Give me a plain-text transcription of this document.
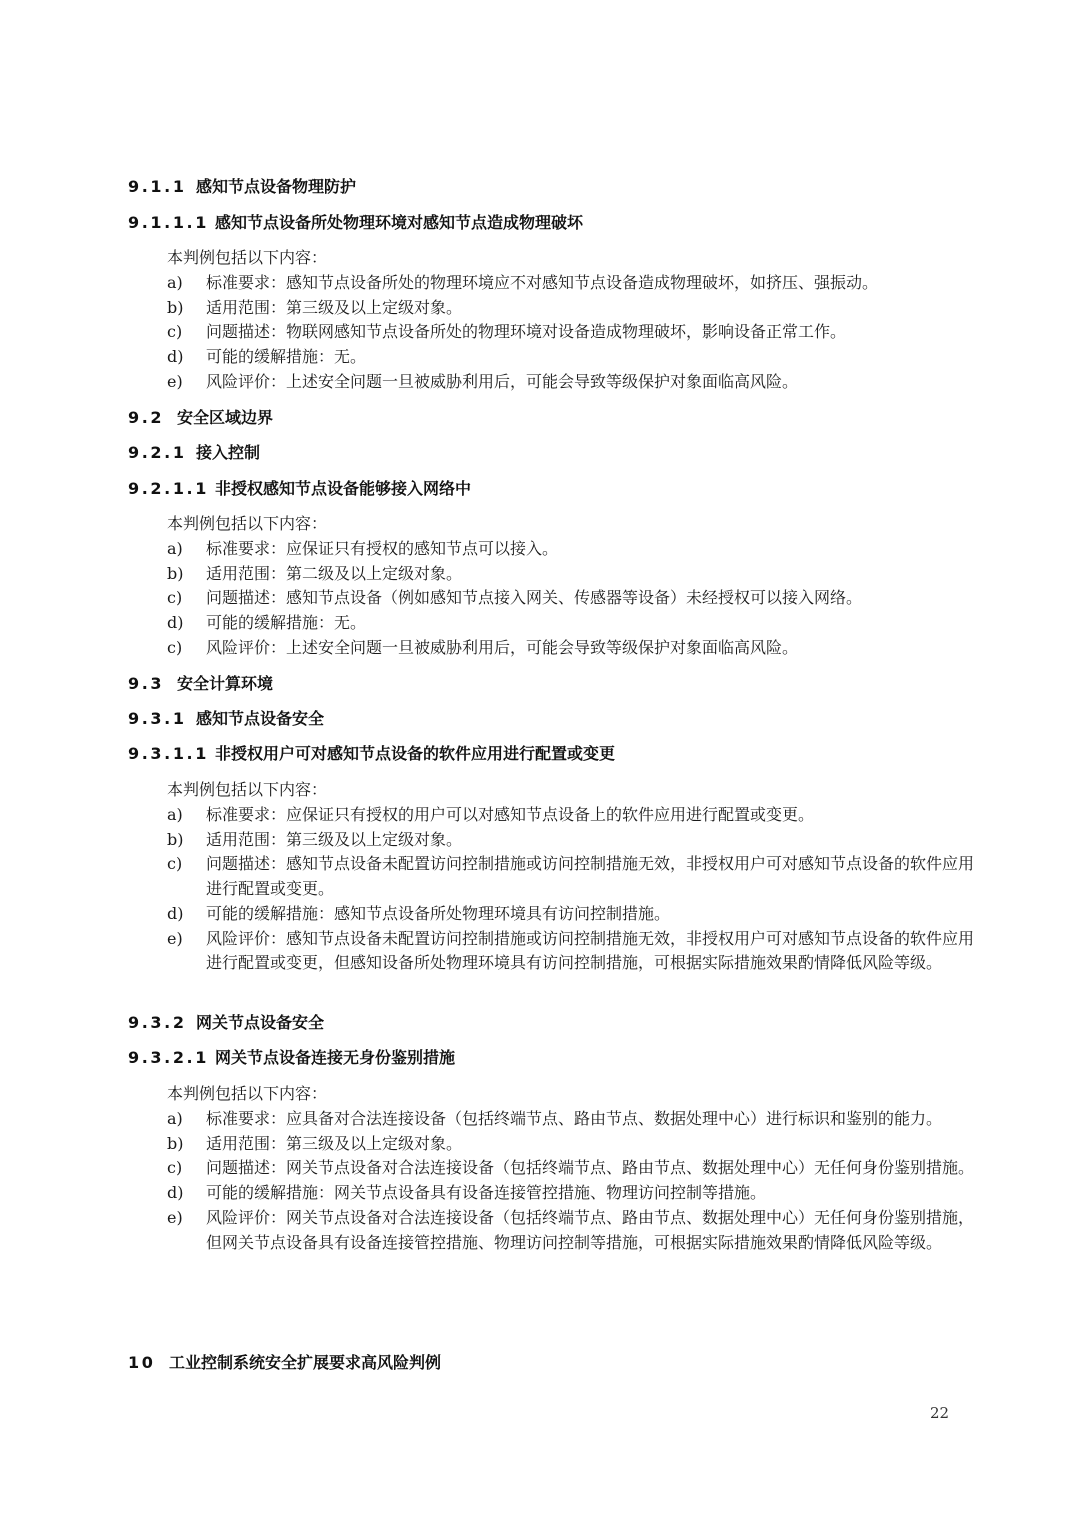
9.1.1 感知节点设备物理防护
9.1.1.1 感知节点设备所处物理环境对感知节点造成物理破坏

本判例包括以下内容：

a)	标准要求：感知节点设备所处的物理环境应不对感知节点设备造成物理破坏，如挤压、强振动。
b)	适用范围：第三级及以上定级对象。
c)	问题描述：物联网感知节点设备所处的物理环境对设备造成物理破坏，影响设备正常工作。
d)	可能的缓解措施：无。
e)	风险评价：上述安全问题一旦被威胁利用后，可能会导致等级保护对象面临高风险。
9.2 安全区域边界
9.2.1 接入控制
9.2.1.1 非授权感知节点设备能够接入网络中

本判例包括以下内容：

a)	标准要求：应保证只有授权的感知节点可以接入。
b)	适用范围：第二级及以上定级对象。
c)	问题描述：感知节点设备（例如感知节点接入网关、传感器等设备）未经授权可以接入网络。
d)	可能的缓解措施：无。
c)	风险评价：上述安全问题一旦被威胁利用后，可能会导致等级保护对象面临高风险。
9.3 安全计算环境
9.3.1 感知节点设备安全
9.3.1.1 非授权用户可对感知节点设备的软件应用进行配置或变更

本判例包括以下内容：

a)	标准要求：应保证只有授权的用户可以对感知节点设备上的软件应用进行配置或变更。
b)	适用范围：第三级及以上定级对象。
c)	问题描述：感知节点设备未配置访问控制措施或访问控制措施无效，非授权用户可对感知节点设备的软件应用进行配置或变更。
d)	可能的缓解措施：感知节点设备所处物理环境具有访问控制措施。
e)	风险评价：感知节点设备未配置访问控制措施或访问控制措施无效，非授权用户可对感知节点设备的软件应用进行配置或变更，但感知设备所处物理环境具有访问控制措施，可根据实际措施效果酌情降低风险等级。
9.3.2 网关节点设备安全
9.3.2.1 网关节点设备连接无身份鉴别措施

本判例包括以下内容：

a)	标准要求：应具备对合法连接设备（包括终端节点、路由节点、数据处理中心）进行标识和鉴别的能力。
b)	适用范围：第三级及以上定级对象。
c)	问题描述：网关节点设备对合法连接设备（包括终端节点、路由节点、数据处理中心）无任何身份鉴别措施。
d)	可能的缓解措施：网关节点设备具有设备连接管控措施、物理访问控制等措施。
e)	风险评价：网关节点设备对合法连接设备（包括终端节点、路由节点、数据处理中心）无任何身份鉴别措施，但网关节点设备具有设备连接管控措施、物理访问控制等措施，可根据实际措施效果酌情降低风险等级。
10 工业控制系统安全扩展要求高风险判例
22
